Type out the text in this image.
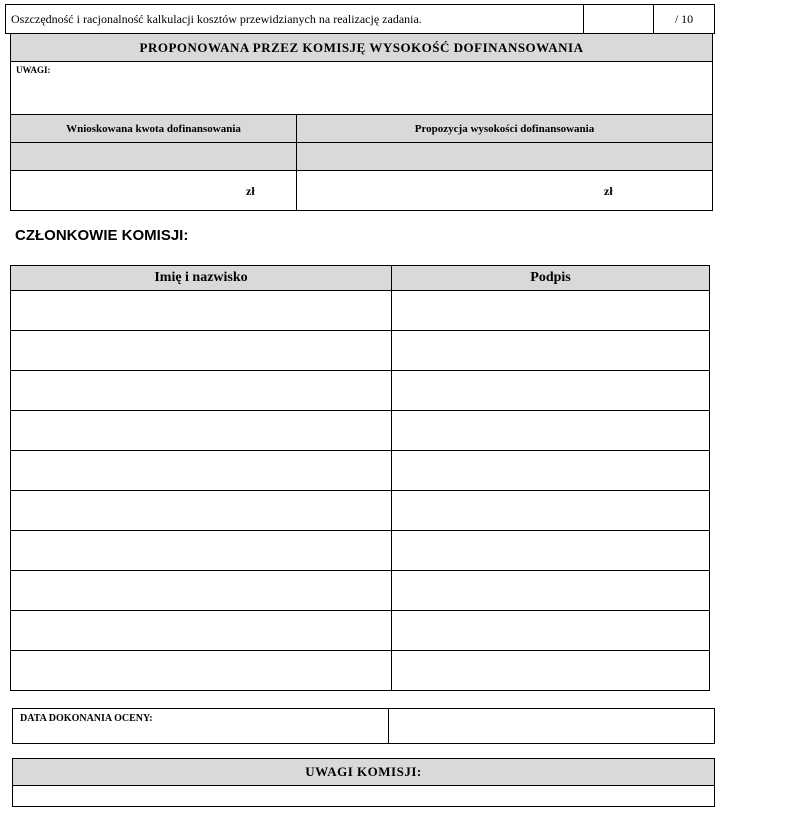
Oszczędność i racjonalność kalkulacji kosztów przewidzianych na realizację zadania.	/ 10
PROPONOWANA PRZEZ KOMISJĘ WYSOKOŚĆ DOFINANSOWANIA
UWAGI:
Wnioskowana kwota dofinansowania	Propozycja wysokości dofinansowania
zł	zł
CZŁONKOWIE KOMISJI:
Imię i nazwisko	Podpis

DATA DOKONANIA OCENY:
UWAGI KOMISJI:
